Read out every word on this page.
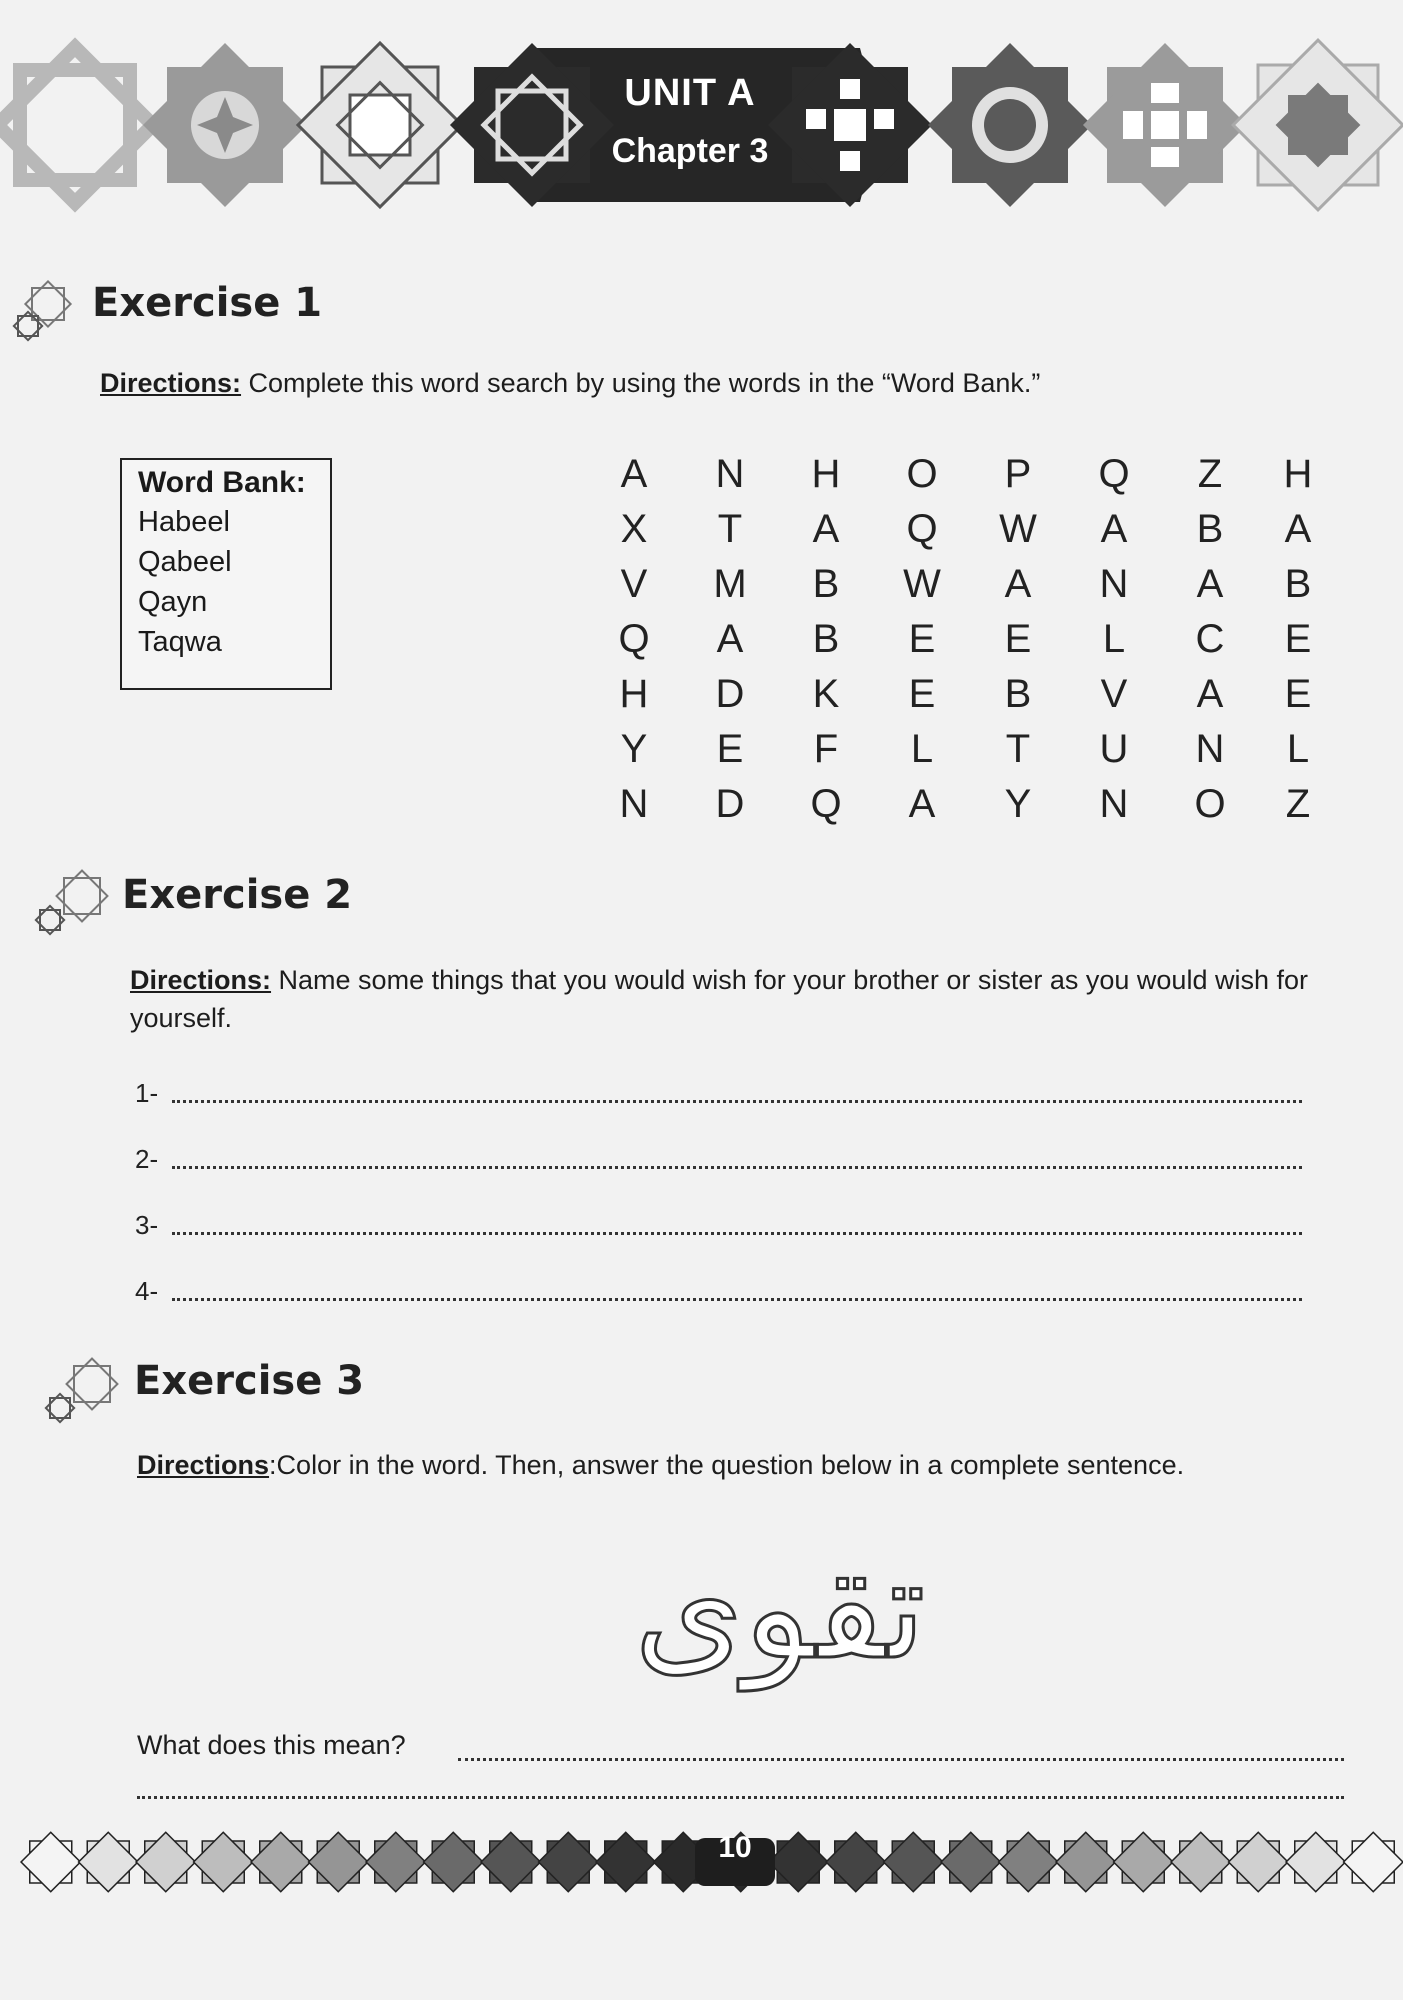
UNIT A
Chapter 3
Exercise 1
Directions: Complete this word search by using the words in the “Word Bank.”
Word Bank:
Habeel
Qabeel
Qayn
Taqwa
A	N	H	O	P	Q	Z	H
X	T	A	Q	W	A	B	A
V	M	B	W	A	N	A	B
Q	A	B	E	E	L	C	E
H	D	K	E	B	V	A	E
Y	E	F	L	T	U	N	L
N	D	Q	A	Y	N	O	Z
Exercise 2
Directions: Name some things that you would wish for your brother or sister as you would wish for yourself.
1-
2-
3-
4-
Exercise 3
Directions:Color in the word. Then, answer the question below in a complete sentence.
تقوى
What does this mean?
10
